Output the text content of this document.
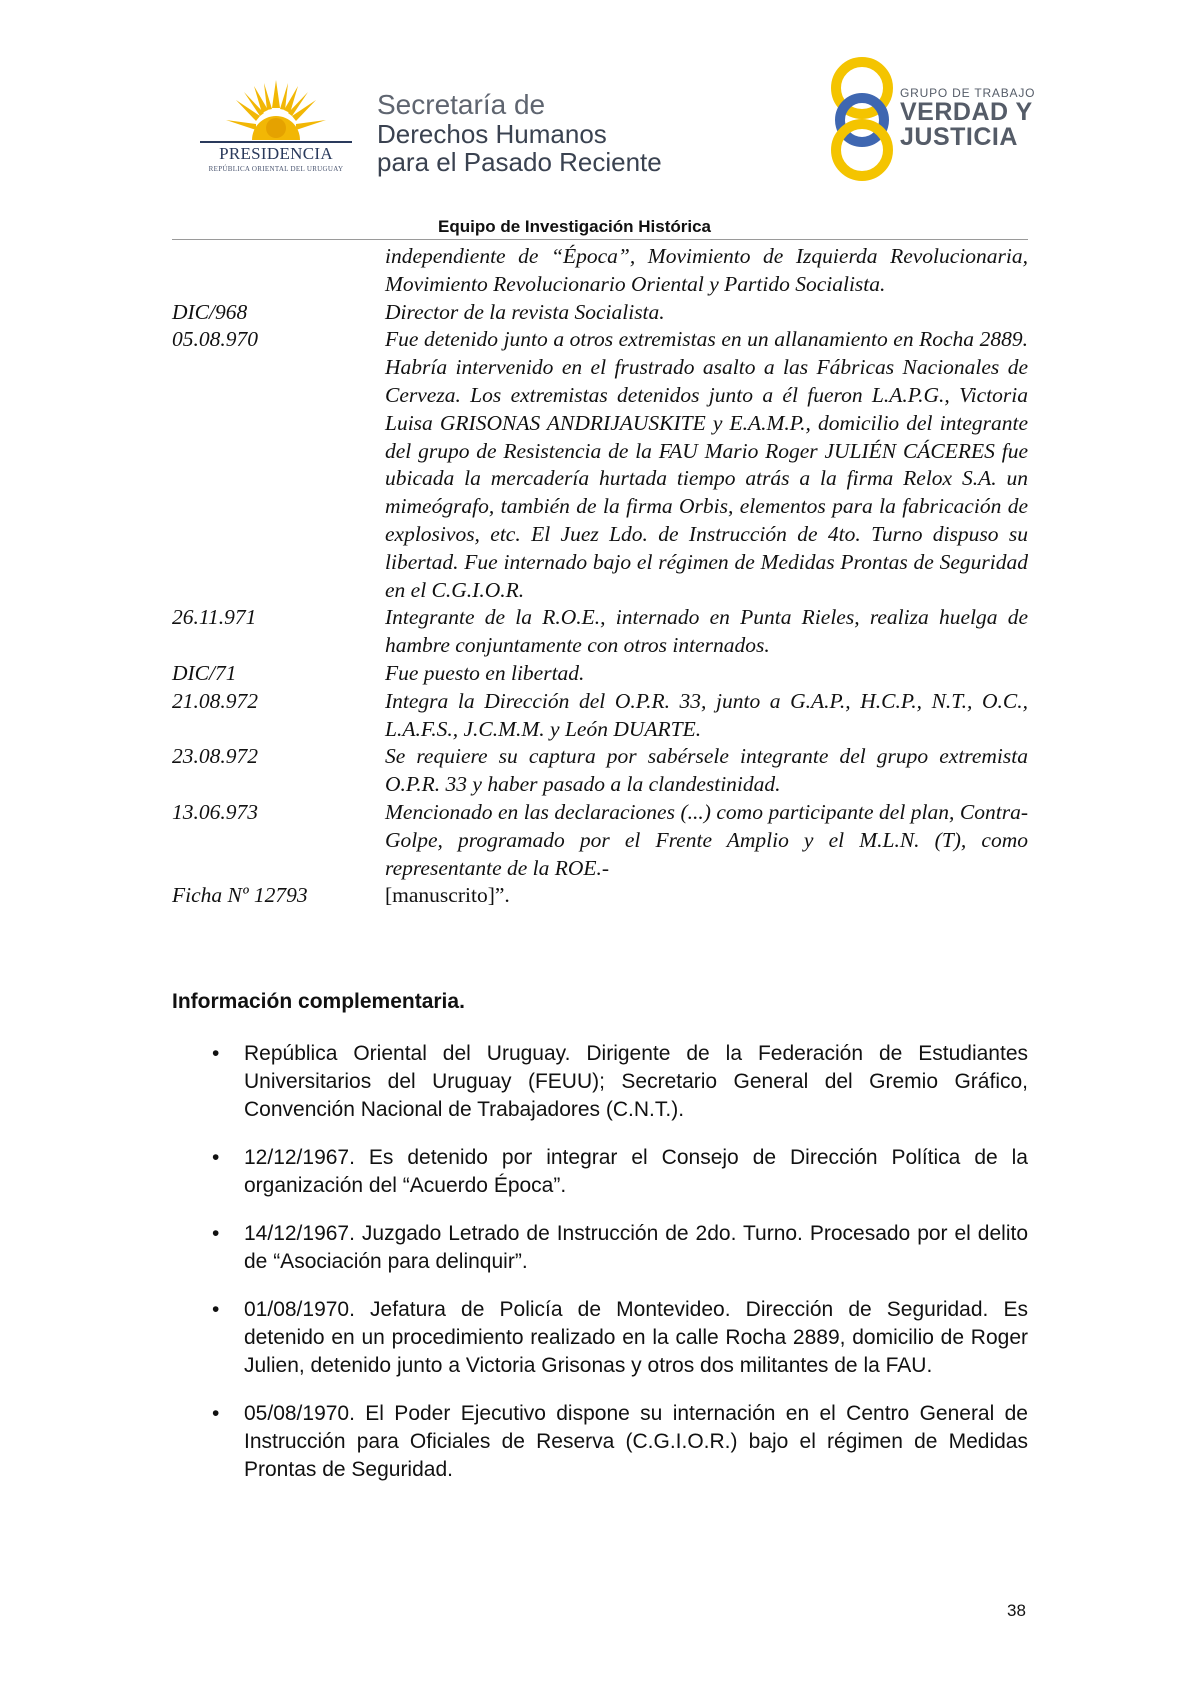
PRESIDENCIA
REPÚBLICA ORIENTAL DEL URUGUAY
Secretaría de
Derechos Humanos
para el Pasado Reciente
GRUPO DE TRABAJO
VERDAD Y
JUSTICIA
Equipo de Investigación Histórica
independiente de “Época”, Movimiento de Izquierda Revolucionaria, Movimiento Revolucionario Oriental y Partido Socialista.
DIC/968	Director de la revista Socialista.
05.08.970	Fue detenido junto a otros extremistas en un allanamiento en Rocha 2889. Habría intervenido en el frustrado asalto a las Fábricas Nacionales de Cerveza. Los extremistas detenidos junto a él fueron L.A.P.G., Victoria Luisa GRISONAS ANDRIJAUSKITE y E.A.M.P., domicilio del integrante del grupo de Resistencia de la FAU Mario Roger JULIÉN CÁCERES fue ubicada la mercadería hurtada tiempo atrás a la firma Relox S.A. un mimeógrafo, también de la firma Orbis, elementos para la fabricación de explosivos, etc. El Juez Ldo. de Instrucción de 4to. Turno dispuso su libertad. Fue internado bajo el régimen de Medidas Prontas de Seguridad en el C.G.I.O.R.
26.11.971	Integrante de la R.O.E., internado en Punta Rieles, realiza huelga de hambre conjuntamente con otros internados.
DIC/71	Fue puesto en libertad.
21.08.972	Integra la Dirección del O.P.R. 33, junto a G.A.P., H.C.P., N.T., O.C., L.A.F.S., J.C.M.M. y León DUARTE.
23.08.972	Se requiere su captura por sabérsele integrante del grupo extremista O.P.R. 33 y haber pasado a la clandestinidad.
13.06.973	Mencionado en las declaraciones (...) como participante del plan, Contra-Golpe, programado por el Frente Amplio y el M.L.N. (T), como representante de la ROE.-
Ficha Nº 12793	[manuscrito]”.
Información complementaria.
• República Oriental del Uruguay. Dirigente de la Federación de Estudiantes Universitarios del Uruguay (FEUU); Secretario General del Gremio Gráfico, Convención Nacional de Trabajadores (C.N.T.).
• 12/12/1967. Es detenido por integrar el Consejo de Dirección Política de la organización del “Acuerdo Época”.
• 14/12/1967. Juzgado Letrado de Instrucción de 2do. Turno. Procesado por el delito de “Asociación para delinquir”.
• 01/08/1970. Jefatura de Policía de Montevideo. Dirección de Seguridad. Es detenido en un procedimiento realizado en la calle Rocha 2889, domicilio de Roger Julien, detenido junto a Victoria Grisonas y otros dos militantes de la FAU.
• 05/08/1970. El Poder Ejecutivo dispone su internación en el Centro General de Instrucción para Oficiales de Reserva (C.G.I.O.R.) bajo el régimen de Medidas Prontas de Seguridad.
38
